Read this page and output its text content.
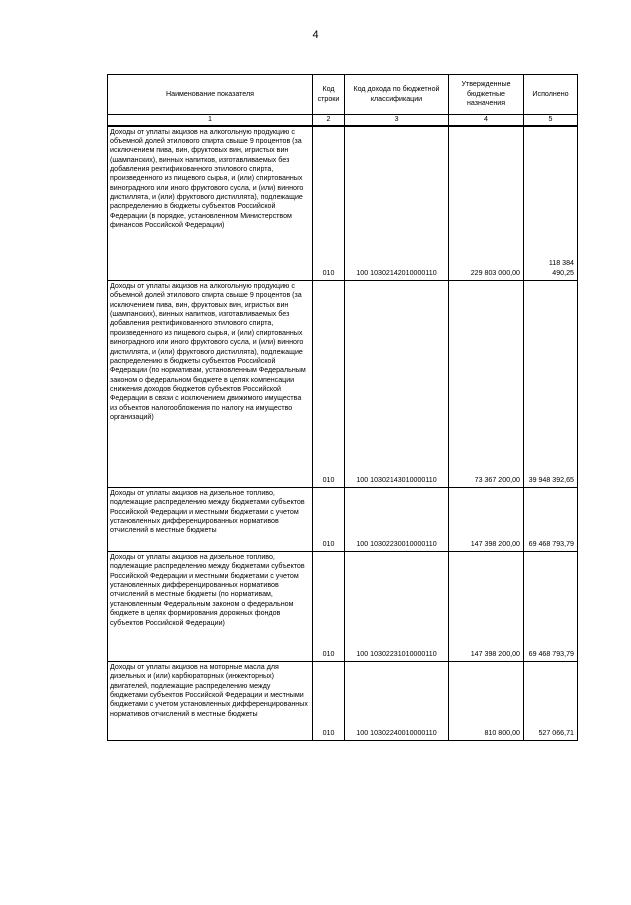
4
Наименование показателя	Код строки	Код дохода по бюджетной классификации	Утвержденные бюджетные назначения	Исполнено
1	2	3	4	5
Доходы от уплаты акцизов на алкогольную продукцию с объемной долей этилового спирта свыше 9 процентов (за исключением пива, вин, фруктовых вин, игристых вин (шампанских), винных напитков, изготавливаемых без добавления ректификованного этилового спирта, произведенного из пищевого сырья, и (или) спиртованных виноградного или иного фруктового сусла, и (или) винного дистиллята, и (или) фруктового дистиллята), подлежащие распределению в бюджеты субъектов Российской Федерации (в порядке, установленном Министерством финансов Российской Федерации)	010	100 10302142010000110	229 803 000,00	118 384 490,25
Доходы от уплаты акцизов на алкогольную продукцию с объемной долей этилового спирта свыше 9 процентов (за исключением пива, вин, фруктовых вин, игристых вин (шампанских), винных напитков, изготавливаемых без добавления ректификованного этилового спирта, произведенного из пищевого сырья, и (или) спиртованных виноградного или иного фруктового сусла, и (или) винного дистиллята, и (или) фруктового дистиллята), подлежащие распределению в бюджеты субъектов Российской Федерации (по нормативам, установленным Федеральным законом о федеральном бюджете в целях компенсации снижения доходов бюджетов субъектов Российской Федерации в связи с исключением движимого имущества из объектов налогообложения по налогу на имущество организаций)	010	100 10302143010000110	73 367 200,00	39 948 392,65
Доходы от уплаты акцизов на дизельное топливо, подлежащие распределению между бюджетами субъектов Российской Федерации и местными бюджетами с учетом установленных дифференцированных нормативов отчислений в местные бюджеты	010	100 10302230010000110	147 398 200,00	69 468 793,79
Доходы от уплаты акцизов на дизельное топливо, подлежащие распределению между бюджетами субъектов Российской Федерации и местными бюджетами с учетом установленных дифференцированных нормативов отчислений в местные бюджеты (по нормативам, установленным Федеральным законом о федеральном бюджете в целях формирования дорожных фондов субъектов Российской Федерации)	010	100 10302231010000110	147 398 200,00	69 468 793,79
Доходы от уплаты акцизов на моторные масла для дизельных и (или) карбюраторных (инжекторных) двигателей, подлежащие распределению между бюджетами субъектов Российской Федерации и местными бюджетами с учетом установленных дифференцированных нормативов отчислений в местные бюджеты	010	100 10302240010000110	810 800,00	527 066,71
